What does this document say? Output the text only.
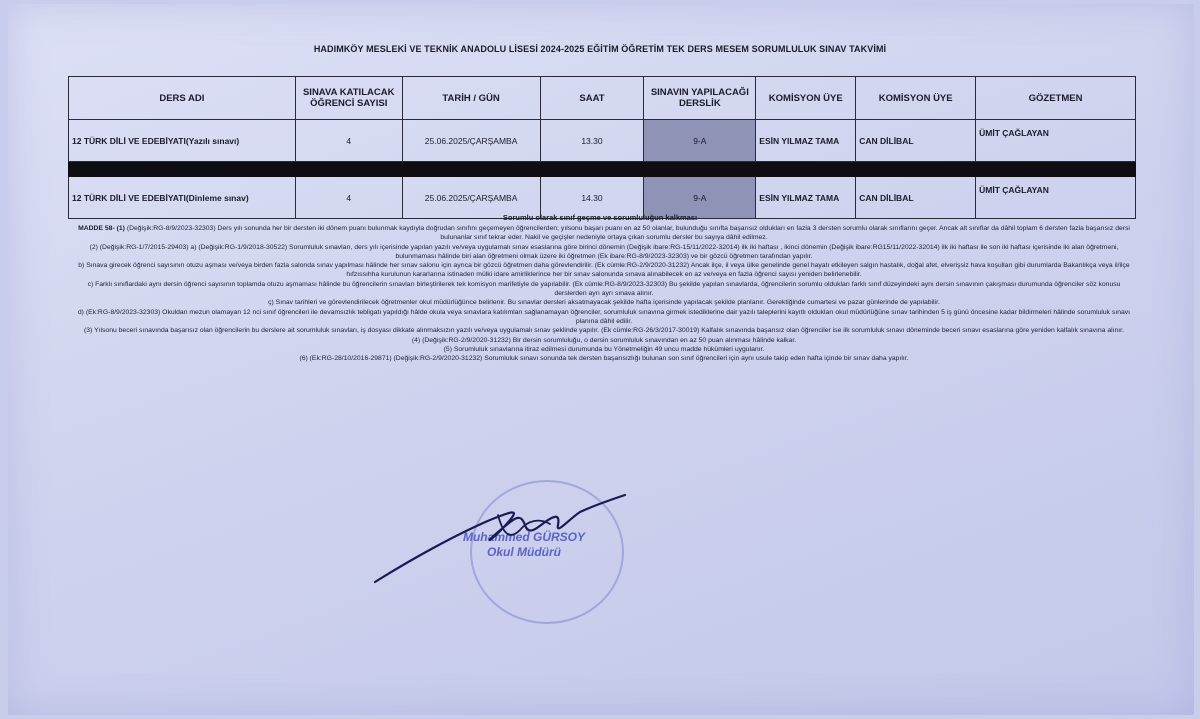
HADIMKÖY MESLEKİ VE TEKNİK ANADOLU LİSESİ 2024-2025 EĞİTİM ÖĞRETİM TEK DERS MESEM SORUMLULUK SINAV TAKVİMİ
DERS ADI	SINAVA KATILACAK ÖĞRENCİ SAYISI	TARİH / GÜN	SAAT	SINAVIN YAPILACAĞI DERSLİK	KOMİSYON ÜYE	KOMİSYON ÜYE	GÖZETMEN
12 TÜRK DİLİ VE EDEBİYATI(Yazılı sınavı)	4	25.06.2025/ÇARŞAMBA	13.30	9-A	ESİN YILMAZ TAMA	CAN DİLİBAL	ÜMİT ÇAĞLAYAN

12 TÜRK DİLİ VE EDEBİYATI(Dinleme sınav)	4	25.06.2025/ÇARŞAMBA	14.30	9-A	ESİN YILMAZ TAMA	CAN DİLİBAL	ÜMİT ÇAĞLAYAN
Sorumlu olarak sınıf geçme ve sorumluluğun kalkması

MADDE 58- (1) (Değişik:RG-8/9/2023-32303) Ders yılı sonunda her bir dersten iki dönem puanı bulunmak kaydıyla doğrudan sınıfını geçemeyen öğrencilerden; yılsonu başarı puanı en az 50 olanlar, bulunduğu sınıfta başarısız oldukları en fazla 3 dersten sorumlu olarak sınıflarını geçer. Ancak alt sınıflar da dâhil toplam 6 dersten fazla başarısız dersi bulunanlar sınıf tekrar eder. Nakil ve geçişler nedeniyle ortaya çıkan sorumlu dersler bu sayıya dâhil edilmez.

(2) (Değişik:RG-1/7/2015-29403) a) (Değişik:RG-1/9/2018-30522) Sorumluluk sınavları, ders yılı içerisinde yapılan yazılı ve/veya uygulamalı sınav esaslarına göre birinci dönemin (Değişik ibare:RG-15/11/2022-32014) ilk iki haftası , ikinci dönemin (Değişik ibare:RG15/11/2022-32014) ilk iki haftası ile son iki haftası içerisinde iki alan öğretmeni, bulunmaması hâlinde biri alan öğretmeni olmak üzere iki öğretmen (Ek ibare:RG-8/9/2023-32303) ve bir gözcü öğretmen tarafından yapılır.

b) Sınava girecek öğrenci sayısının otuzu aşması ve/veya birden fazla salonda sınav yapılması hâlinde her sınav salonu için ayrıca bir gözcü öğretmen daha görevlendirilir. (Ek cümle:RG-2/9/2020-31232) Ancak ilçe, il veya ülke genelinde genel hayatı etkileyen salgın hastalık, doğal afet, elverişsiz hava koşulları gibi durumlarda Bakanlıkça veya il/ilçe hıfzıssıhha kurulunun kararlarına istinaden mülki idare amirliklerince her bir sınav salonunda sınava alınabilecek en az ve/veya en fazla öğrenci sayısı yeniden belirlenebilir.

c) Farklı sınıflardaki aynı dersin öğrenci sayısının toplamda otuzu aşmaması hâlinde bu öğrencilerin sınavları birleştirilerek tek komisyon marifetiyle de yapılabilir. (Ek cümle:RG-8/9/2023-32303) Bu şekilde yapılan sınavlarda, öğrencilerin sorumlu oldukları farklı sınıf düzeyindeki aynı dersin sınavının çakışması durumunda öğrenciler söz konusu derslerden ayrı ayrı sınava alınır.

ç) Sınav tarihleri ve görevlendirilecek öğretmenler okul müdürlüğünce belirlenir. Bu sınavlar dersleri aksatmayacak şekilde hafta içerisinde yapılacak şekilde planlanır. Gerektiğinde cumartesi ve pazar günlerinde de yapılabilir.

d) (Ek:RG-8/9/2023-32303) Okuldan mezun olamayan 12 nci sınıf öğrencileri ile devamsızlık tebligatı yapıldığı hâlde okula veya sınavlara katılımları sağlanamayan öğrenciler, sorumluluk sınavına girmek istediklerine dair yazılı taleplerini kayıtlı oldukları okul müdürlüğüne sınav tarihinden 5 iş günü öncesine kadar bildirmeleri hâlinde sorumluluk sınavı planına dâhil edilir.

(3) Yılsonu beceri sınavında başarısız olan öğrencilerin bu derslere ait sorumluluk sınavları, iş dosyası dikkate alınmaksızın yazılı ve/veya uygulamalı sınav şeklinde yapılır. (Ek cümle:RG-26/3/2017-30019) Kalfalık sınavında başarısız olan öğrenciler ise ilk sorumluluk sınavı döneminde beceri sınavı esaslarına göre yeniden kalfalık sınavına alınır.

(4) (Değişik:RG-2/9/2020-31232) Bir dersin sorumluluğu, o dersin sorumluluk sınavından en az 50 puan alınması hâlinde kalkar.

(5) Sorumluluk sınavlarına itiraz edilmesi durumunda bu Yönetmeliğin 49 uncu madde hükümleri uygulanır.

(6) (Ek:RG-28/10/2016-29871) (Değişik:RG-2/9/2020-31232) Sorumluluk sınavı sonunda tek dersten başarısızlığı bulunan son sınıf öğrencileri için aynı usule takip eden hafta içinde bir sınav daha yapılır.

Muhammed GÜRSOY
Okul Müdürü
